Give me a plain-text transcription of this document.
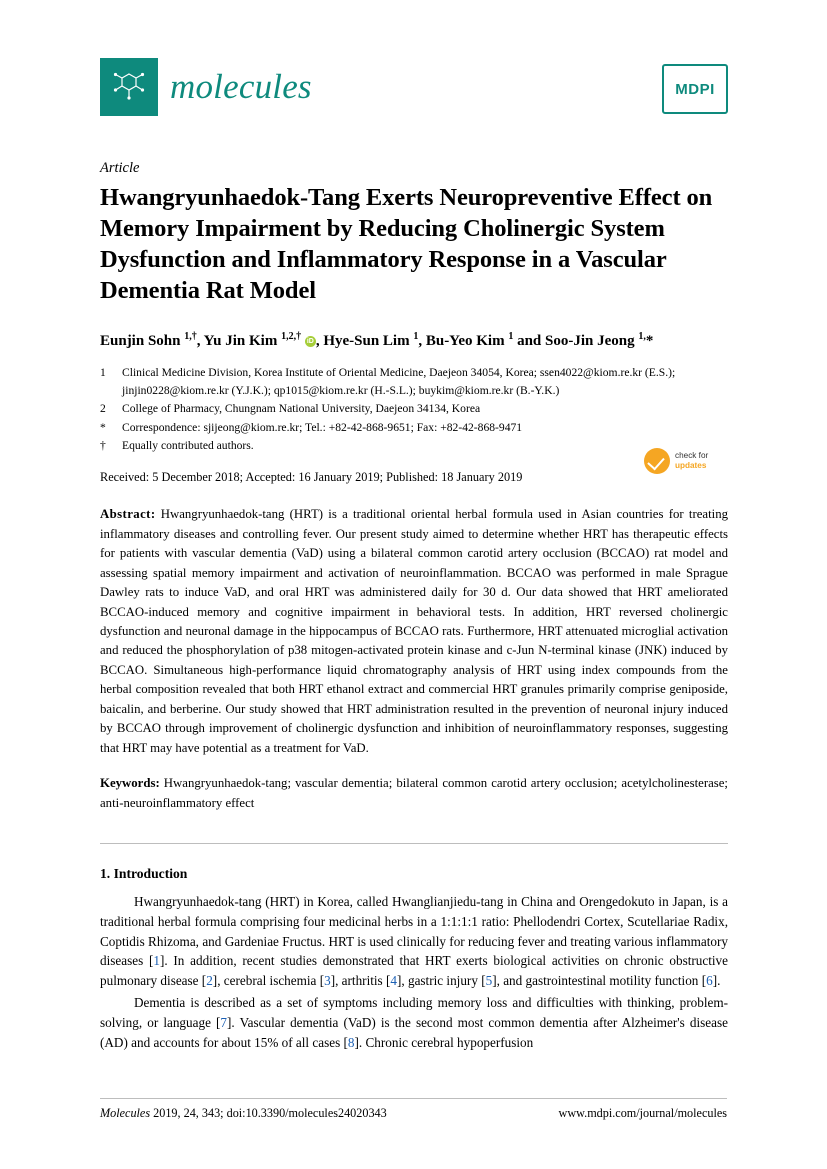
molecules	MDPI
Article
Hwangryunhaedok-Tang Exerts Neuropreventive Effect on Memory Impairment by Reducing Cholinergic System Dysfunction and Inflammatory Response in a Vascular Dementia Rat Model
Eunjin Sohn $^{1,\dagger}$, Yu Jin Kim $^{1,2,\dagger}$ iD , Hye-Sun Lim $^1$, Bu-Yeo Kim $^1$ and Soo-Jin Jeong $^{1,}$*
1	Clinical Medicine Division, Korea Institute of Oriental Medicine, Daejeon 34054, Korea; ssen4022@kiom.re.kr (E.S.); jinjin0228@kiom.re.kr (Y.J.K.); qp1015@kiom.re.kr (H.-S.L.); buykim@kiom.re.kr (B.-Y.K.)
2	College of Pharmacy, Chungnam National University, Daejeon 34134, Korea
*	Correspondence: sjijeong@kiom.re.kr; Tel.: +82-42-868-9651; Fax: +82-42-868-9471
†	Equally contributed authors.
Received: 5 December 2018; Accepted: 16 January 2019; Published: 18 January 2019
check for
updates
Abstract: Hwangryunhaedok-tang (HRT) is a traditional oriental herbal formula used in Asian countries for treating inflammatory diseases and controlling fever. Our present study aimed to determine whether HRT has therapeutic effects for patients with vascular dementia (VaD) using a bilateral common carotid artery occlusion (BCCAO) rat model and assessing spatial memory impairment and activation of neuroinflammation. BCCAO was performed in male Sprague Dawley rats to induce VaD, and oral HRT was administered daily for 30 d. Our data showed that HRT ameliorated BCCAO-induced memory and cognitive impairment in behavioral tests. In addition, HRT reversed cholinergic dysfunction and neuronal damage in the hippocampus of BCCAO rats. Furthermore, HRT attenuated microglial activation and reduced the phosphorylation of p38 mitogen-activated protein kinase and c-Jun N-terminal kinase (JNK) induced by BCCAO. Simultaneous high-performance liquid chromatography analysis of HRT using index compounds from the herbal composition revealed that both HRT ethanol extract and commercial HRT granules primarily comprise geniposide, baicalin, and berberine. Our study showed that HRT administration resulted in the prevention of neuronal injury induced by BCCAO through improvement of cholinergic dysfunction and inhibition of neuroinflammatory responses, suggesting that HRT may have potential as a treatment for VaD.
Keywords: Hwangryunhaedok-tang; vascular dementia; bilateral common carotid artery occlusion; acetylcholinesterase; anti-neuroinflammatory effect
1. Introduction

Hwangryunhaedok-tang (HRT) in Korea, called Hwanglianjiedu-tang in China and Orengedokuto in Japan, is a traditional herbal formula comprising four medicinal herbs in a 1:1:1:1 ratio: Phellodendri Cortex, Scutellariae Radix, Coptidis Rhizoma, and Gardeniae Fructus. HRT is used clinically for reducing fever and treating various inflammatory diseases [1]. In addition, recent studies demonstrated that HRT exerts biological activities on chronic obstructive pulmonary disease [2], cerebral ischemia [3], arthritis [4], gastric injury [5], and gastrointestinal motility function [6].

Dementia is described as a set of symptoms including memory loss and difficulties with thinking, problem-solving, or language [7]. Vascular dementia (VaD) is the second most common dementia after Alzheimer's disease (AD) and accounts for about 15% of all cases [8]. Chronic cerebral hypoperfusion

Molecules 2019, 24, 343; doi:10.3390/molecules24020343	www.mdpi.com/journal/molecules
